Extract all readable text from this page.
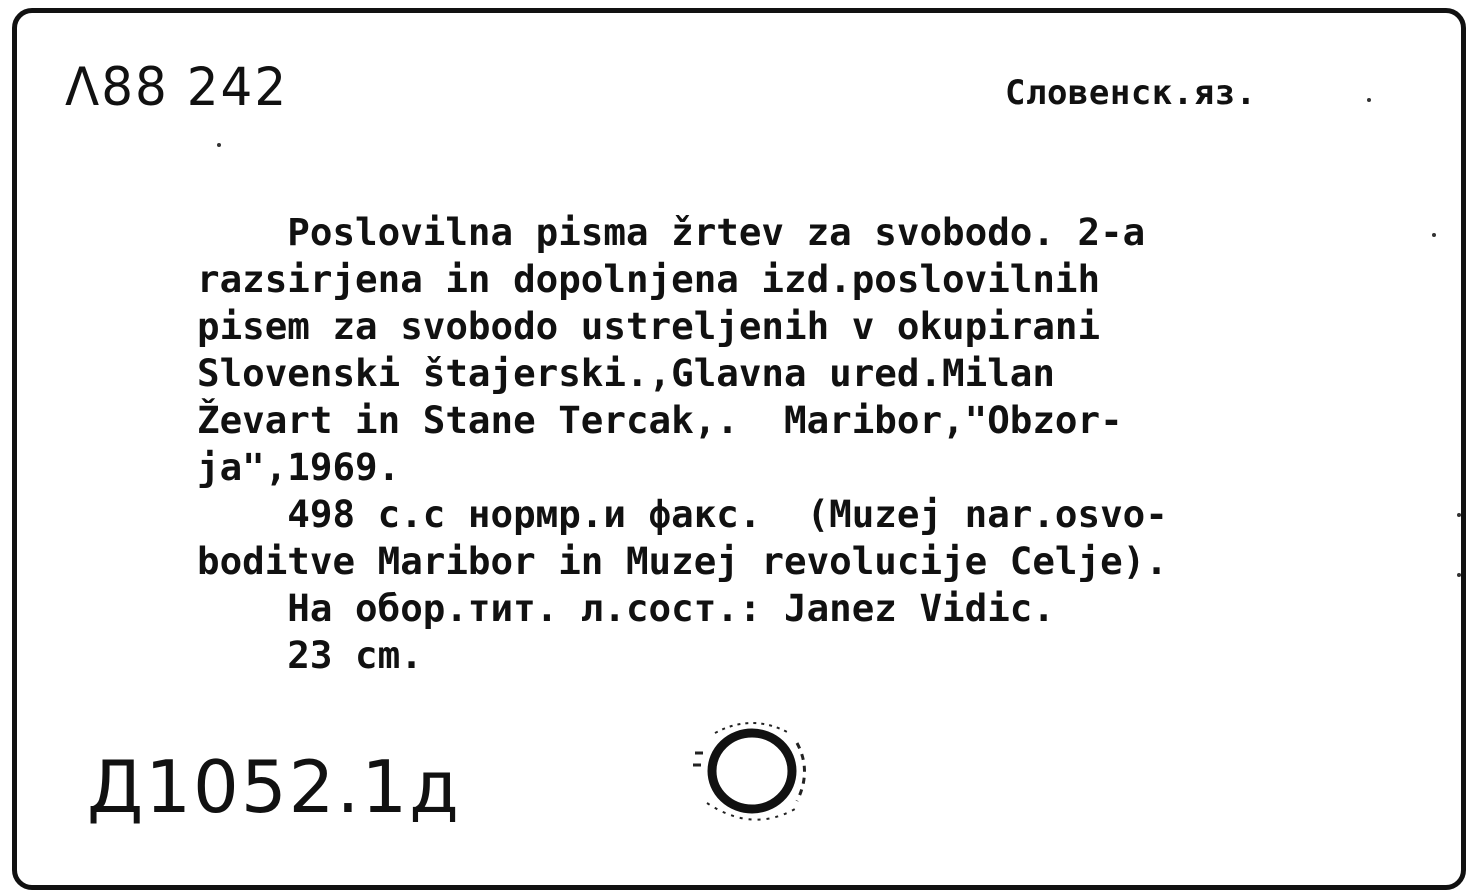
Λ88 242	Словенск.яз.
Poslovilna pisma žrtev za svobodo. 2-a
razsirjena in dopolnjena izd.poslovilnih
pisem za svobodo ustreljenih v okupirani
Slovenski štajerski.,Glavna ured.Milan
Ževart in Stane Tercak,.  Maribor,"Obzor-
ja",1969.
498 c.c нормр.и факс.  (Muzej nar.osvo-
boditve Maribor in Muzej revolucije Celje).
На обор.тит. л.сост.: Janez Vidic.
23 cm.
Д1052.1д
